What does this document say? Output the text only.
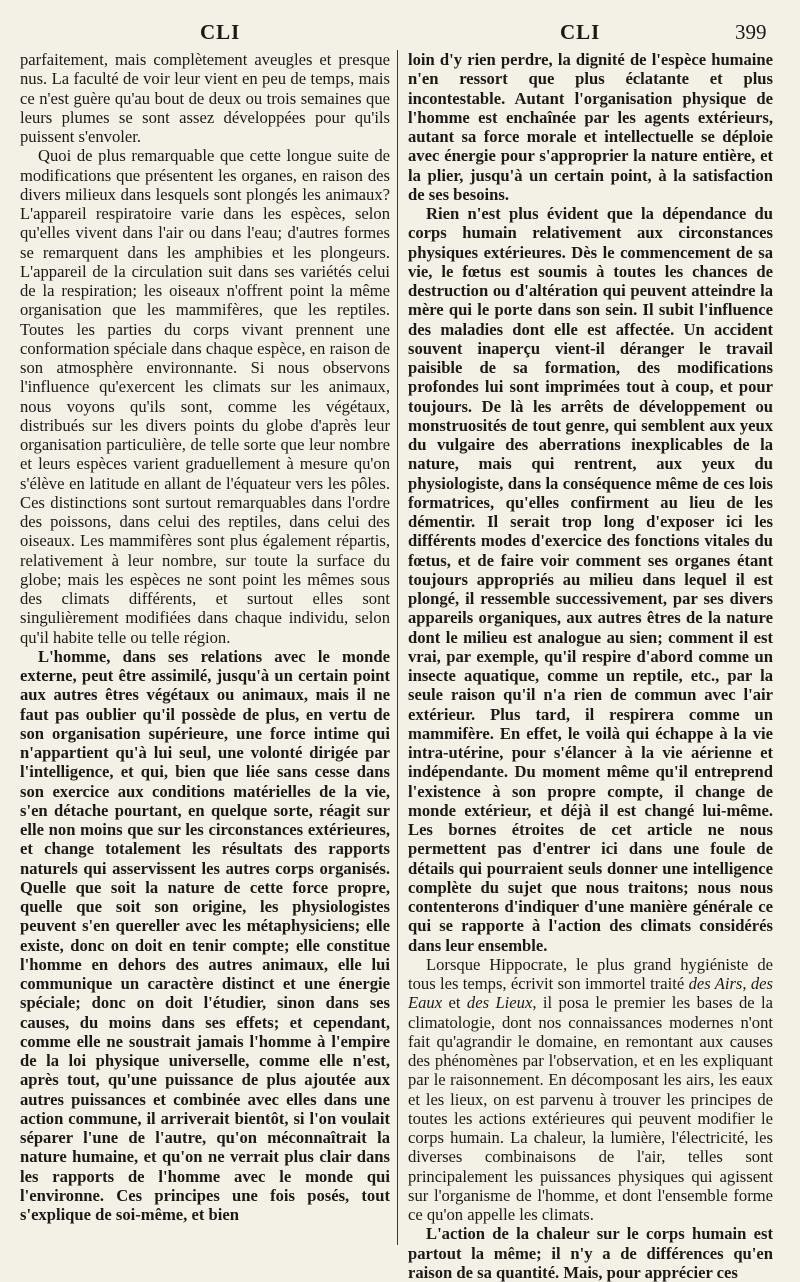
CLI	CLI	399

parfaitement, mais complètement aveugles et presque nus. La faculté de voir leur vient en peu de temps, mais ce n'est guère qu'au bout de deux ou trois semaines que leurs plumes se sont assez développées pour qu'ils puissent s'envoler.

Quoi de plus remarquable que cette longue suite de modifications que présentent les organes, en raison des divers milieux dans lesquels sont plongés les animaux? L'appareil respiratoire varie dans les espèces, selon qu'elles vivent dans l'air ou dans l'eau; d'autres formes se remarquent dans les amphibies et les plongeurs. L'appareil de la circulation suit dans ses variétés celui de la respiration; les oiseaux n'offrent point la même organisation que les mammifères, que les reptiles. Toutes les parties du corps vivant prennent une conformation spéciale dans chaque espèce, en raison de son atmosphère environnante. Si nous observons l'influence qu'exercent les climats sur les animaux, nous voyons qu'ils sont, comme les végétaux, distribués sur les divers points du globe d'après leur organisation particulière, de telle sorte que leur nombre et leurs espèces varient graduellement à mesure qu'on s'élève en latitude en allant de l'équateur vers les pôles. Ces distinctions sont surtout remarquables dans l'ordre des poissons, dans celui des reptiles, dans celui des oiseaux. Les mammifères sont plus également répartis, relativement à leur nombre, sur toute la surface du globe; mais les espèces ne sont point les mêmes sous des climats différents, et surtout elles sont singulièrement modifiées dans chaque individu, selon qu'il habite telle ou telle région.

L'homme, dans ses relations avec le monde externe, peut être assimilé, jusqu'à un certain point aux autres êtres végétaux ou animaux, mais il ne faut pas oublier qu'il possède de plus, en vertu de son organisation supérieure, une force intime qui n'appartient qu'à lui seul, une volonté dirigée par l'intelligence, et qui, bien que liée sans cesse dans son exercice aux conditions matérielles de la vie, s'en détache pourtant, en quelque sorte, réagit sur elle non moins que sur les circonstances extérieures, et change totalement les résultats des rapports naturels qui asservissent les autres corps organisés. Quelle que soit la nature de cette force propre, quelle que soit son origine, les physiologistes peuvent s'en quereller avec les métaphysiciens; elle existe, donc on doit en tenir compte; elle constitue l'homme en dehors des autres animaux, elle lui communique un caractère distinct et une énergie spéciale; donc on doit l'étudier, sinon dans ses causes, du moins dans ses effets; et cependant, comme elle ne soustrait jamais l'homme à l'empire de la loi physique universelle, comme elle n'est, après tout, qu'une puissance de plus ajoutée aux autres puissances et combinée avec elles dans une action commune, il arriverait bientôt, si l'on voulait séparer l'une de l'autre, qu'on méconnaîtrait la nature humaine, et qu'on ne verrait plus clair dans les rapports de l'homme avec le monde qui l'environne. Ces principes une fois posés, tout s'explique de soi-même, et bien

loin d'y rien perdre, la dignité de l'espèce humaine n'en ressort que plus éclatante et plus incontestable. Autant l'organisation physique de l'homme est enchaînée par les agents extérieurs, autant sa force morale et intellectuelle se déploie avec énergie pour s'approprier la nature entière, et la plier, jusqu'à un certain point, à la satisfaction de ses besoins.

Rien n'est plus évident que la dépendance du corps humain relativement aux circonstances physiques extérieures. Dès le commencement de sa vie, le fœtus est soumis à toutes les chances de destruction ou d'altération qui peuvent atteindre la mère qui le porte dans son sein. Il subit l'influence des maladies dont elle est affectée. Un accident souvent inaperçu vient-il déranger le travail paisible de sa formation, des modifications profondes lui sont imprimées tout à coup, et pour toujours. De là les arrêts de développement ou monstruosités de tout genre, qui semblent aux yeux du vulgaire des aberrations inexplicables de la nature, mais qui rentrent, aux yeux du physiologiste, dans la conséquence même de ces lois formatrices, qu'elles confirment au lieu de les démentir. Il serait trop long d'exposer ici les différents modes d'exercice des fonctions vitales du fœtus, et de faire voir comment ses organes étant toujours appropriés au milieu dans lequel il est plongé, il ressemble successivement, par ses divers appareils organiques, aux autres êtres de la nature dont le milieu est analogue au sien; comment il est vrai, par exemple, qu'il respire d'abord comme un insecte aquatique, comme un reptile, etc., par la seule raison qu'il n'a rien de commun avec l'air extérieur. Plus tard, il respirera comme un mammifère. En effet, le voilà qui échappe à la vie intra-utérine, pour s'élancer à la vie aérienne et indépendante. Du moment même qu'il entreprend l'existence à son propre compte, il change de monde extérieur, et déjà il est changé lui-même. Les bornes étroites de cet article ne nous permettent pas d'entrer ici dans une foule de détails qui pourraient seuls donner une intelligence complète du sujet que nous traitons; nous nous contenterons d'indiquer d'une manière générale ce qui se rapporte à l'action des climats considérés dans leur ensemble.

Lorsque Hippocrate, le plus grand hygiéniste de tous les temps, écrivit son immortel traité des Airs, des Eaux et des Lieux, il posa le premier les bases de la climatologie, dont nos connaissances modernes n'ont fait qu'agrandir le domaine, en remontant aux causes des phénomènes par l'observation, et en les expliquant par le raisonnement. En décomposant les airs, les eaux et les lieux, on est parvenu à trouver les principes de toutes les actions extérieures qui peuvent modifier le corps humain. La chaleur, la lumière, l'électricité, les diverses combinaisons de l'air, telles sont principalement les puissances physiques qui agissent sur l'organisme de l'homme, et dont l'ensemble forme ce qu'on appelle les climats.

L'action de la chaleur sur le corps humain est partout la même; il n'y a de différences qu'en raison de sa quantité. Mais, pour apprécier ces
